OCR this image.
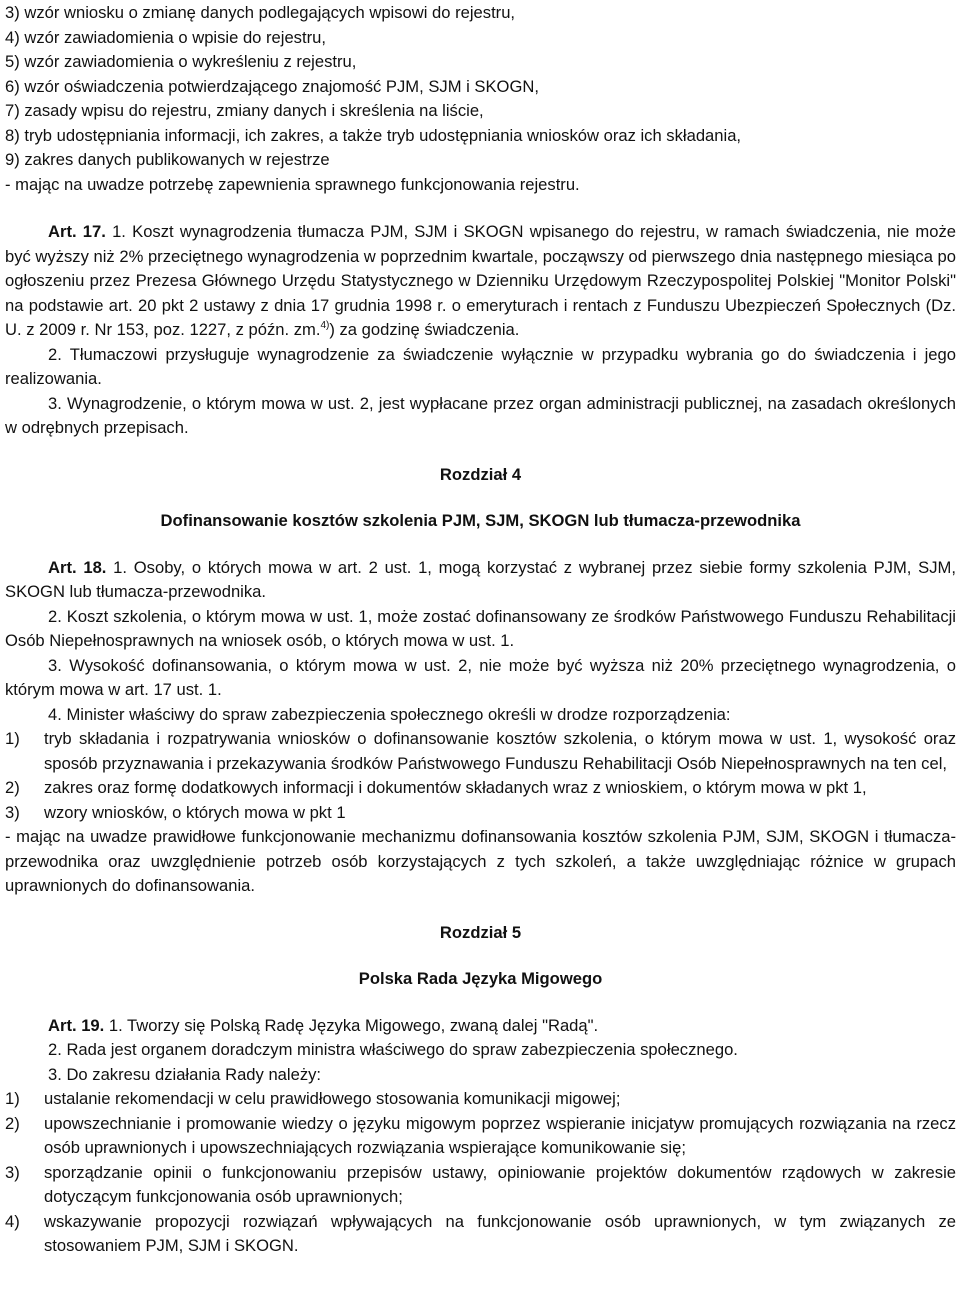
3) wzór wniosku o zmianę danych podlegających wpisowi do rejestru,
4) wzór zawiadomienia o wpisie do rejestru,
5) wzór zawiadomienia o wykreśleniu z rejestru,
6) wzór oświadczenia potwierdzającego znajomość PJM, SJM i SKOGN,
7) zasady wpisu do rejestru, zmiany danych i skreślenia na liście,
8) tryb udostępniania informacji, ich zakres, a także tryb udostępniania wniosków oraz ich składania,
9) zakres danych publikowanych w rejestrze
- mając na uwadze potrzebę zapewnienia sprawnego funkcjonowania rejestru.
Art. 17. 1. Koszt wynagrodzenia tłumacza PJM, SJM i SKOGN wpisanego do rejestru, w ramach świadczenia, nie może być wyższy niż 2% przeciętnego wynagrodzenia w poprzednim kwartale, począwszy od pierwszego dnia następnego miesiąca po ogłoszeniu przez Prezesa Głównego Urzędu Statystycznego w Dzienniku Urzędowym Rzeczypospolitej Polskiej "Monitor Polski" na podstawie art. 20 pkt 2 ustawy z dnia 17 grudnia 1998 r. o emeryturach i rentach z Funduszu Ubezpieczeń Społecznych (Dz. U. z 2009 r. Nr 153, poz. 1227, z późn. zm.$^{4)}$) za godzinę świadczenia.
2. Tłumaczowi przysługuje wynagrodzenie za świadczenie wyłącznie w przypadku wybrania go do świadczenia i jego realizowania.
3. Wynagrodzenie, o którym mowa w ust. 2, jest wypłacane przez organ administracji publicznej, na zasadach określonych w odrębnych przepisach.
Rozdział 4
Dofinansowanie kosztów szkolenia PJM, SJM, SKOGN lub tłumacza-przewodnika
Art. 18. 1. Osoby, o których mowa w art. 2 ust. 1, mogą korzystać z wybranej przez siebie formy szkolenia PJM, SJM, SKOGN lub tłumacza-przewodnika.
2. Koszt szkolenia, o którym mowa w ust. 1, może zostać dofinansowany ze środków Państwowego Funduszu Rehabilitacji Osób Niepełnosprawnych na wniosek osób, o których mowa w ust. 1.
3. Wysokość dofinansowania, o którym mowa w ust. 2, nie może być wyższa niż 20% przeciętnego wynagrodzenia, o którym mowa w art. 17 ust. 1.
4. Minister właściwy do spraw zabezpieczenia społecznego określi w drodze rozporządzenia:
1) tryb składania i rozpatrywania wniosków o dofinansowanie kosztów szkolenia, o którym mowa w ust. 1, wysokość oraz sposób przyznawania i przekazywania środków Państwowego Funduszu Rehabilitacji Osób Niepełnosprawnych na ten cel,
2) zakres oraz formę dodatkowych informacji i dokumentów składanych wraz z wnioskiem, o którym mowa w pkt 1,
3) wzory wniosków, o których mowa w pkt 1
- mając na uwadze prawidłowe funkcjonowanie mechanizmu dofinansowania kosztów szkolenia PJM, SJM, SKOGN i tłumacza-przewodnika oraz uwzględnienie potrzeb osób korzystających z tych szkoleń, a także uwzględniając różnice w grupach uprawnionych do dofinansowania.
Rozdział 5
Polska Rada Języka Migowego
Art. 19. 1. Tworzy się Polską Radę Języka Migowego, zwaną dalej "Radą".
2. Rada jest organem doradczym ministra właściwego do spraw zabezpieczenia społecznego.
3. Do zakresu działania Rady należy:
1) ustalanie rekomendacji w celu prawidłowego stosowania komunikacji migowej;
2) upowszechnianie i promowanie wiedzy o języku migowym poprzez wspieranie inicjatyw promujących rozwiązania na rzecz osób uprawnionych i upowszechniających rozwiązania wspierające komunikowanie się;
3) sporządzanie opinii o funkcjonowaniu przepisów ustawy, opiniowanie projektów dokumentów rządowych w zakresie dotyczącym funkcjonowania osób uprawnionych;
4) wskazywanie propozycji rozwiązań wpływających na funkcjonowanie osób uprawnionych, w tym związanych ze stosowaniem PJM, SJM i SKOGN.
